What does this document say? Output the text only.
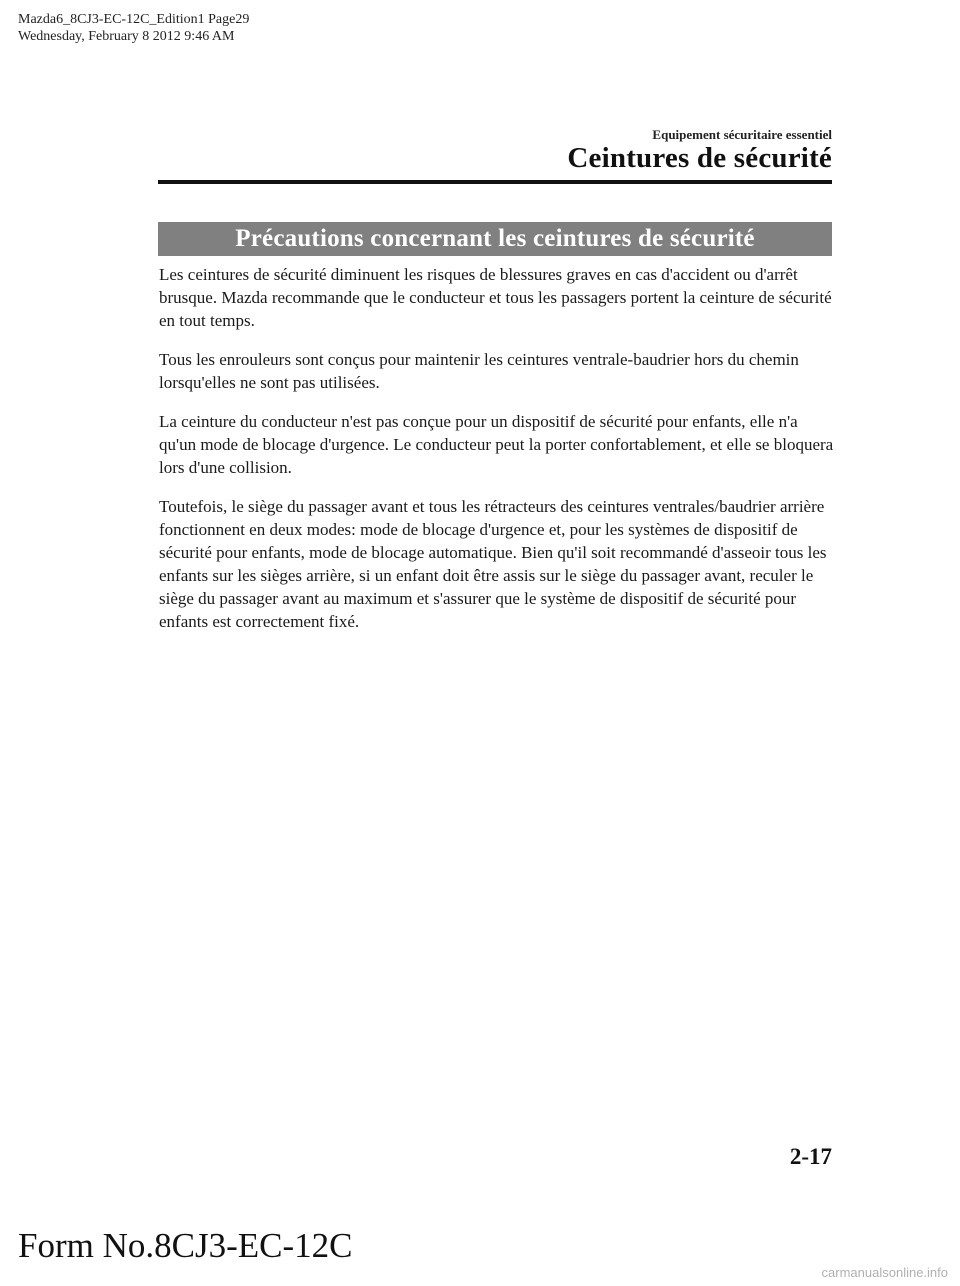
Mazda6_8CJ3-EC-12C_Edition1 Page29
Wednesday, February 8 2012 9:46 AM
Equipement sécuritaire essentiel
Ceintures de sécurité
Précautions concernant les ceintures de sécurité

Les ceintures de sécurité diminuent les risques de blessures graves en cas d'accident ou d'arrêt brusque. Mazda recommande que le conducteur et tous les passagers portent la ceinture de sécurité en tout temps.

Tous les enrouleurs sont conçus pour maintenir les ceintures ventrale-baudrier hors du chemin lorsqu'elles ne sont pas utilisées.

La ceinture du conducteur n'est pas conçue pour un dispositif de sécurité pour enfants, elle n'a qu'un mode de blocage d'urgence. Le conducteur peut la porter confortablement, et elle se bloquera lors d'une collision.

Toutefois, le siège du passager avant et tous les rétracteurs des ceintures ventrales/baudrier arrière fonctionnent en deux modes: mode de blocage d'urgence et, pour les systèmes de dispositif de sécurité pour enfants, mode de blocage automatique. Bien qu'il soit recommandé d'asseoir tous les enfants sur les sièges arrière, si un enfant doit être assis sur le siège du passager avant, reculer le siège du passager avant au maximum et s'assurer que le système de dispositif de sécurité pour enfants est correctement fixé.

2-17
Form No.8CJ3-EC-12C
carmanualsonline.info
